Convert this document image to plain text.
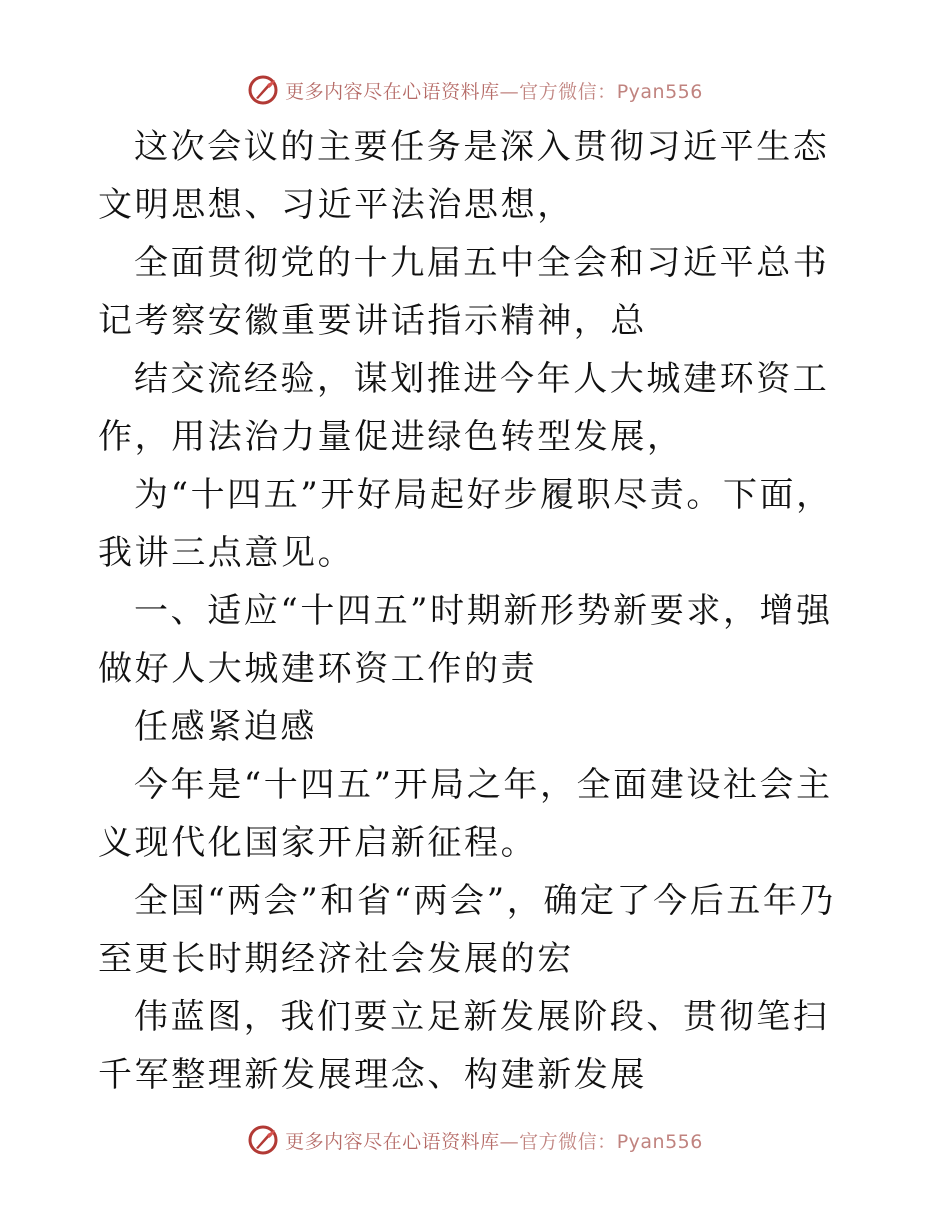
更多内容尽在心语资料库—官方微信：Pyan556

这次会议的主要任务是深入贯彻习近平生态文明思想、习近平法治思想，

全面贯彻党的十九届五中全会和习近平总书记考察安徽重要讲话指示精神，总

结交流经验，谋划推进今年人大城建环资工作，用法治力量促进绿色转型发展，

为“十四五”开好局起好步履职尽责。下面，我讲三点意见。

一、适应“十四五”时期新形势新要求，增强做好人大城建环资工作的责

任感紧迫感

今年是“十四五”开局之年，全面建设社会主义现代化国家开启新征程。

全国“两会”和省“两会”，确定了今后五年乃至更长时期经济社会发展的宏

伟蓝图，我们要立足新发展阶段、贯彻笔扫千军整理新发展理念、构建新发展

更多内容尽在心语资料库—官方微信：Pyan556
